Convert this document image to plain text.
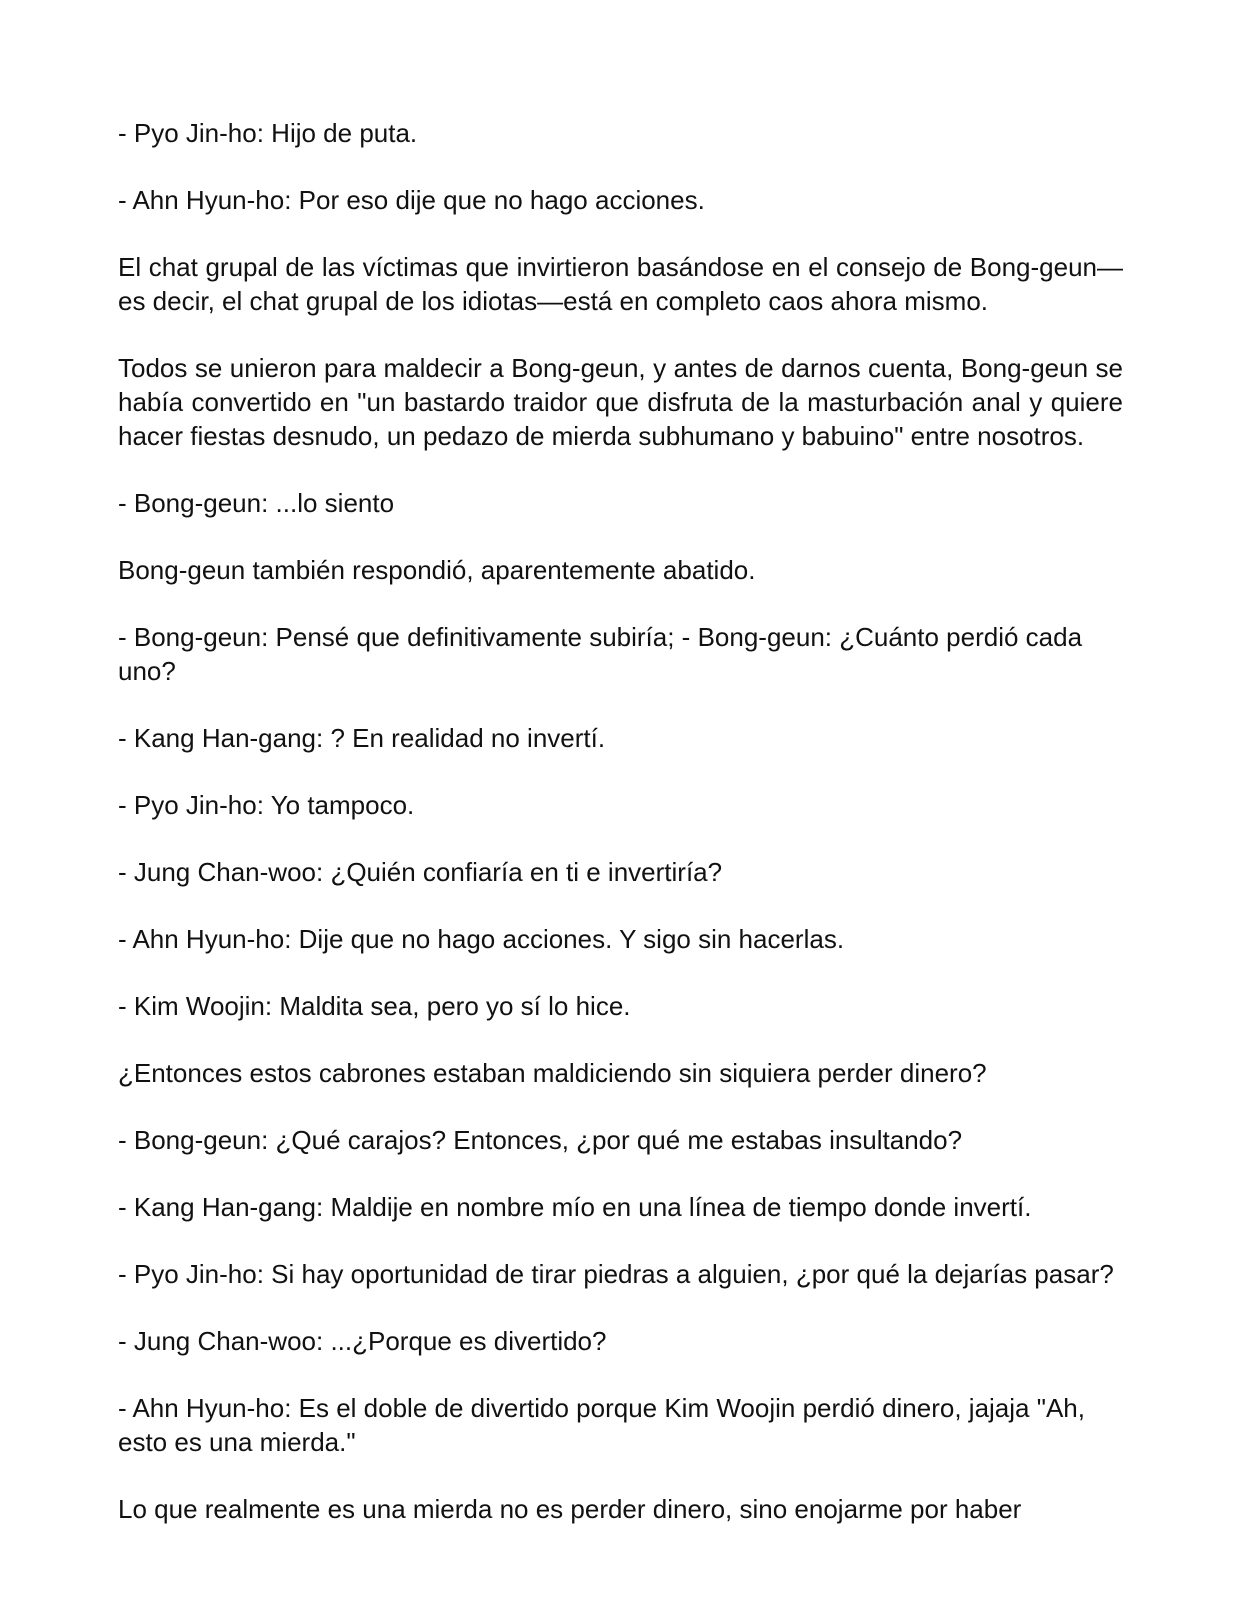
- Pyo Jin-ho: Hijo de puta.

- Ahn Hyun-ho: Por eso dije que no hago acciones.

El chat grupal de las víctimas que invirtieron basándose en el consejo de Bong-geun—es decir, el chat grupal de los idiotas—está en completo caos ahora mismo.

Todos se unieron para maldecir a Bong-geun, y antes de darnos cuenta, Bong-geun se había convertido en "un bastardo traidor que disfruta de la masturbación anal y quiere hacer fiestas desnudo, un pedazo de mierda subhumano y babuino" entre nosotros.

- Bong-geun: ...lo siento

Bong-geun también respondió, aparentemente abatido.

- Bong-geun: Pensé que definitivamente subiría; - Bong-geun: ¿Cuánto perdió cada uno?

- Kang Han-gang: ? En realidad no invertí.

- Pyo Jin-ho: Yo tampoco.

- Jung Chan-woo: ¿Quién confiaría en ti e invertiría?

- Ahn Hyun-ho: Dije que no hago acciones. Y sigo sin hacerlas.

- Kim Woojin: Maldita sea, pero yo sí lo hice.

¿Entonces estos cabrones estaban maldiciendo sin siquiera perder dinero?

- Bong-geun: ¿Qué carajos? Entonces, ¿por qué me estabas insultando?

- Kang Han-gang: Maldije en nombre mío en una línea de tiempo donde invertí.

- Pyo Jin-ho: Si hay oportunidad de tirar piedras a alguien, ¿por qué la dejarías pasar?

- Jung Chan-woo: ...¿Porque es divertido?

- Ahn Hyun-ho: Es el doble de divertido porque Kim Woojin perdió dinero, jajaja "Ah, esto es una mierda."

Lo que realmente es una mierda no es perder dinero, sino enojarme por haber
